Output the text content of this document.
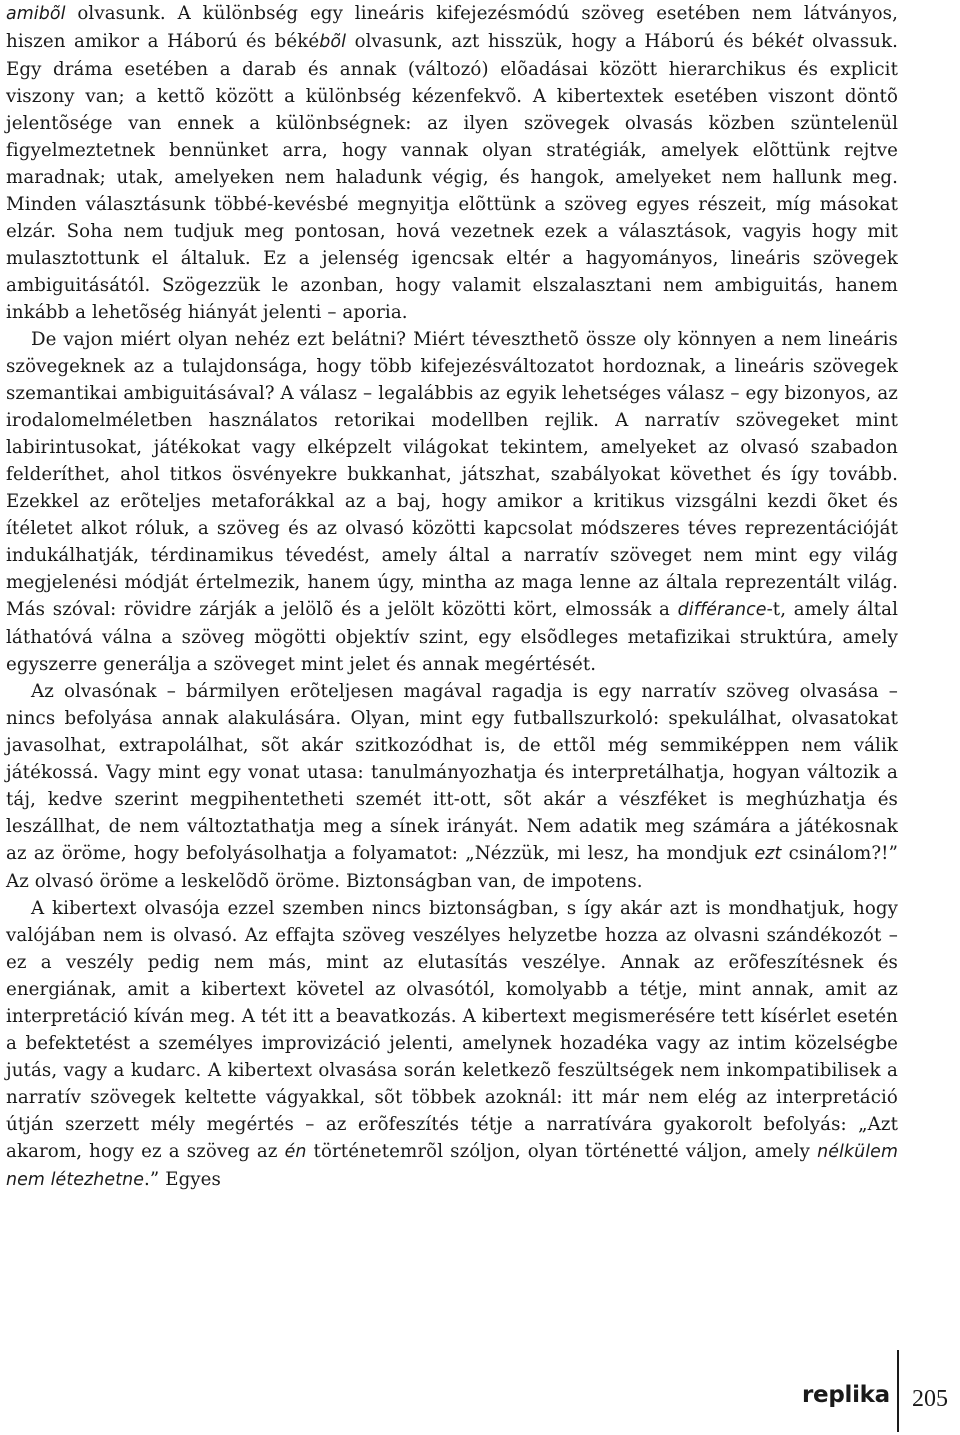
amibõl olvasunk. A különbség egy lineáris kifejezésmódú szöveg esetében nem látványos, hiszen amikor a Háború és békébõl olvasunk, azt hisszük, hogy a Háború és békét olvassuk. Egy dráma esetében a darab és annak (változó) elõadásai között hierarchikus és explicit viszony van; a kettõ között a különbség kézenfekvõ. A kibertextek esetében viszont döntõ jelentõsége van ennek a különbségnek: az ilyen szövegek olvasás közben szüntelenül figyelmeztetnek bennünket arra, hogy vannak olyan stratégiák, amelyek elõttünk rejtve maradnak; utak, amelyeken nem haladunk végig, és hangok, amelyeket nem hallunk meg. Minden választásunk többé-kevésbé megnyitja elõttünk a szöveg egyes részeit, míg másokat elzár. Soha nem tudjuk meg pontosan, hová vezetnek ezek a választások, vagyis hogy mit mulasztottunk el általuk. Ez a jelenség igencsak eltér a hagyományos, lineáris szövegek ambiguitásától. Szögezzük le azonban, hogy valamit elszalasztani nem ambiguitás, hanem inkább a lehetõség hiányát jelenti – aporia.

De vajon miért olyan nehéz ezt belátni? Miért téveszthetõ össze oly könnyen a nem lineáris szövegeknek az a tulajdonsága, hogy több kifejezésváltozatot hordoznak, a lineáris szövegek szemantikai ambiguitásával? A válasz – legalábbis az egyik lehetséges válasz – egy bizonyos, az irodalomelméletben használatos retorikai modellben rejlik. A narratív szövegeket mint labirintusokat, játékokat vagy elképzelt világokat tekintem, amelyeket az olvasó szabadon felderíthet, ahol titkos ösvényekre bukkanhat, játszhat, szabályokat követhet és így tovább. Ezekkel az erõteljes metaforákkal az a baj, hogy amikor a kritikus vizsgálni kezdi õket és ítéletet alkot róluk, a szöveg és az olvasó közötti kapcsolat módszeres téves reprezentációját indukálhatják, térdinamikus tévedést, amely által a narratív szöveget nem mint egy világ megjelenési módját értelmezik, hanem úgy, mintha az maga lenne az általa reprezentált világ. Más szóval: rövidre zárják a jelölõ és a jelölt közötti kört, elmossák a différance-t, amely által láthatóvá válna a szöveg mögötti objektív szint, egy elsõdleges metafizikai struktúra, amely egyszerre generálja a szöveget mint jelet és annak megértését.

Az olvasónak – bármilyen erõteljesen magával ragadja is egy narratív szöveg olvasása – nincs befolyása annak alakulására. Olyan, mint egy futballszurkoló: spekulálhat, olvasatokat javasolhat, extrapolálhat, sõt akár szitkozódhat is, de ettõl még semmiképpen nem válik játékossá. Vagy mint egy vonat utasa: tanulmányozhatja és interpretálhatja, hogyan változik a táj, kedve szerint megpihentetheti szemét itt-ott, sõt akár a vészféket is meghúzhatja és leszállhat, de nem változtathatja meg a sínek irányát. Nem adatik meg számára a játékosnak az az öröme, hogy befolyásolhatja a folyamatot: „Nézzük, mi lesz, ha mondjuk ezt csinálom?!” Az olvasó öröme a leskelõdõ öröme. Biztonságban van, de impotens.

A kibertext olvasója ezzel szemben nincs biztonságban, s így akár azt is mondhatjuk, hogy valójában nem is olvasó. Az effajta szöveg veszélyes helyzetbe hozza az olvasni szándékozót – ez a veszély pedig nem más, mint az elutasítás veszélye. Annak az erõfeszítésnek és energiának, amit a kibertext követel az olvasótól, komolyabb a tétje, mint annak, amit az interpretáció kíván meg. A tét itt a beavatkozás. A kibertext megismerésére tett kísérlet esetén a befektetést a személyes improvizáció jelenti, amelynek hozadéka vagy az intim közelségbe jutás, vagy a kudarc. A kibertext olvasása során keletkezõ feszültségek nem inkompatibilisek a narratív szövegek keltette vágyakkal, sõt többek azoknál: itt már nem elég az interpretáció útján szerzett mély megértés – az erõfeszítés tétje a narratívára gyakorolt befolyás: „Azt akarom, hogy ez a szöveg az én történetemrõl szóljon, olyan történetté váljon, amely nélkülem nem létezhetne.” Egyes

replika 205
